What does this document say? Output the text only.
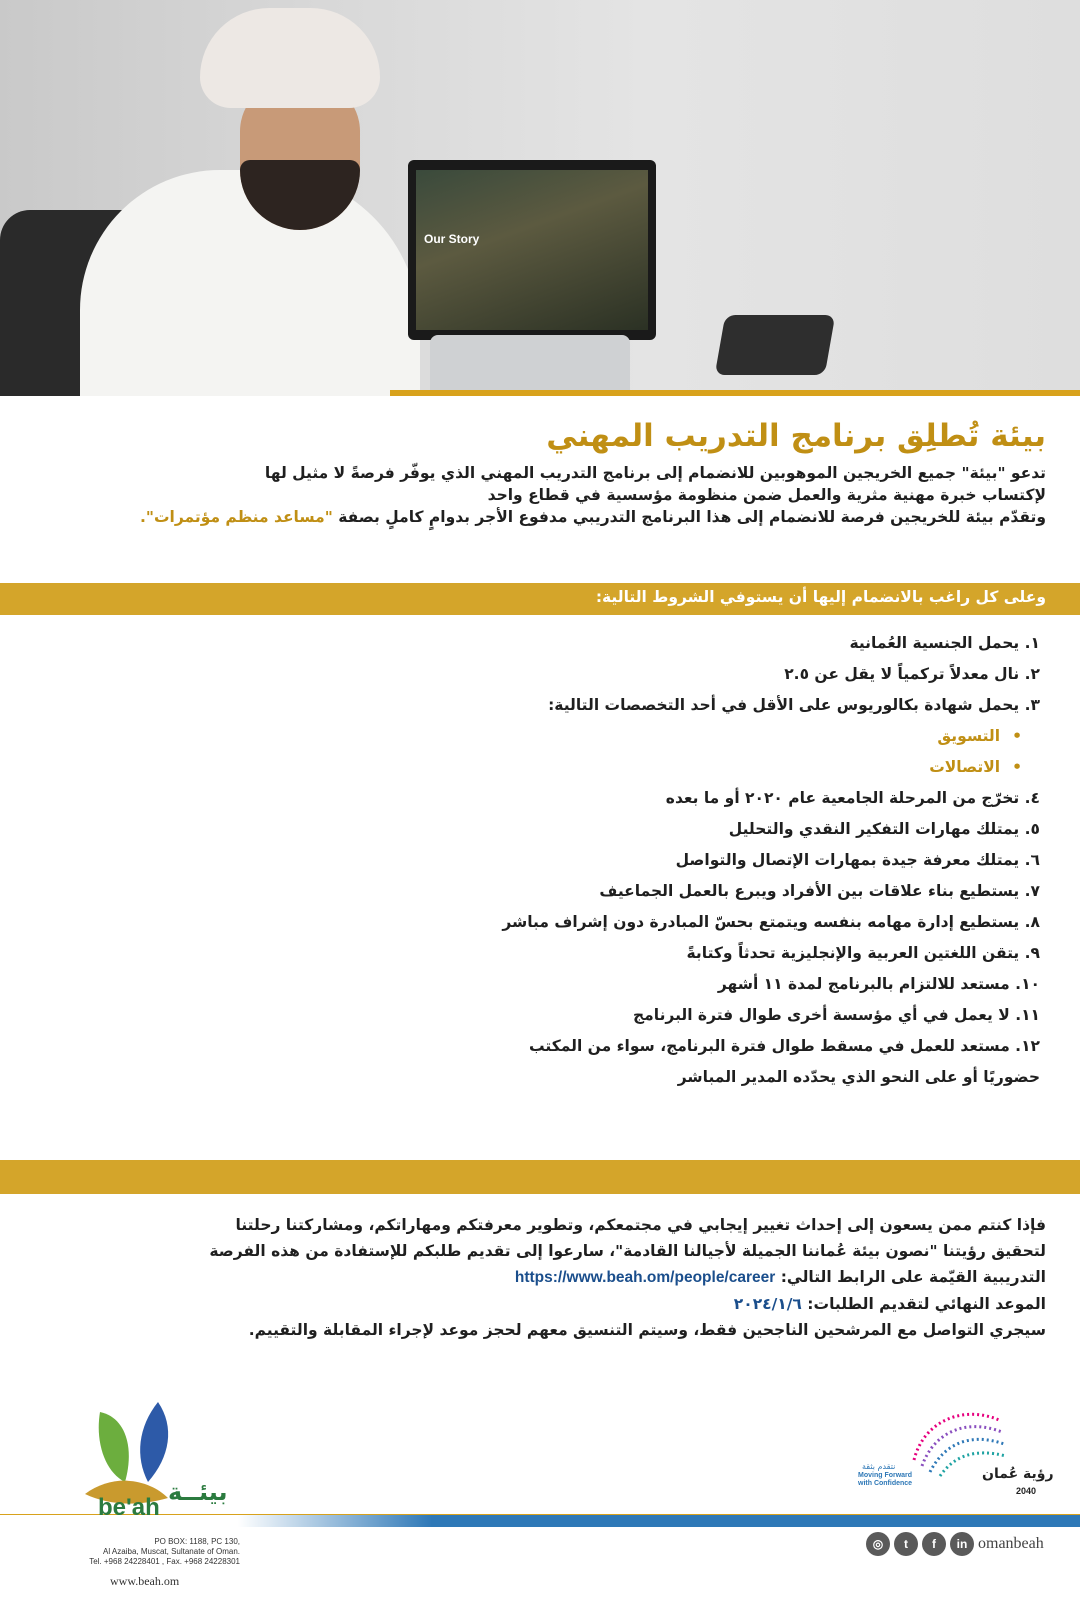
Our Story
بيئة تُطلِق برنامج التدريب المهني
تدعو "بيئة" جميع الخريجين الموهوبين للانضمام إلى برنامج التدريب المهني الذي يوفّر فرصةً لا مثيل لها
لإكتساب خبرة مهنية مثرية والعمل ضمن منظومة مؤسسية في قطاع واحد
وتقدّم بيئة للخريجين فرصة للانضمام إلى هذا البرنامج التدريبي مدفوع الأجر بدوامٍ كاملٍ بصفة "مساعد منظم مؤتمرات".
وعلى كل راغب بالانضمام إليها أن يستوفي الشروط التالية:
١. يحمل الجنسية العُمانية
٢. نال معدلاً تركمياً لا يقل عن ٢.٥
٣. يحمل شهادة بكالوريوس على الأقل في أحد التخصصات التالية:
• التسويق
• الاتصالات
٤. تخرّج من المرحلة الجامعية عام ٢٠٢٠ أو ما بعده
٥. يمتلك مهارات التفكير النقدي والتحليل
٦. يمتلك معرفة جيدة بمهارات الإتصال والتواصل
٧. يستطيع بناء علاقات بين الأفراد ويبرع بالعمل الجماعيف
٨. يستطيع إدارة مهامه بنفسه ويتمتع بحسّ المبادرة دون إشراف مباشر
٩. يتقن اللغتين العربية والإنجليزية تحدثاً وكتابةً
١٠. مستعد للالتزام بالبرنامج لمدة ١١ أشهر
١١. لا يعمل في أي مؤسسة أخرى طوال فترة البرنامج
١٢. مستعد للعمل في مسقط طوال فترة البرنامج، سواء من المكتب
حضوريًا أو على النحو الذي يحدّده المدير المباشر
فإذا كنتم ممن يسعون إلى إحداث تغيير إيجابي في مجتمعكم، وتطوير معرفتكم ومهاراتكم، ومشاركتنا رحلتنا
لتحقيق رؤيتنا "نصون بيئة عُماننا الجميلة لأجيالنا القادمة"، سارعوا إلى تقديم طلبكم للإستفادة من هذه الفرصة
التدريبية القيّمة على الرابط التالي: https://www.beah.om/people/career
الموعد النهائي لتقديم الطلبات: ٢٠٢٤/١/٦
سيجري التواصل مع المرشحين الناجحين فقط، وسيتم التنسيق معهم لحجز موعد لإجراء المقابلة والتقييم.
بيئــة
be'ah
PO BOX: 1188, PC 130,
Al Azaiba, Muscat, Sultanate of Oman.
Tel. +968 24228401 , Fax. +968 24228301
www.beah.om
◎	t	f	in omanbeah
نتقدم بثقة
Moving Forward
with Confidence
رؤية عُمان
2040
